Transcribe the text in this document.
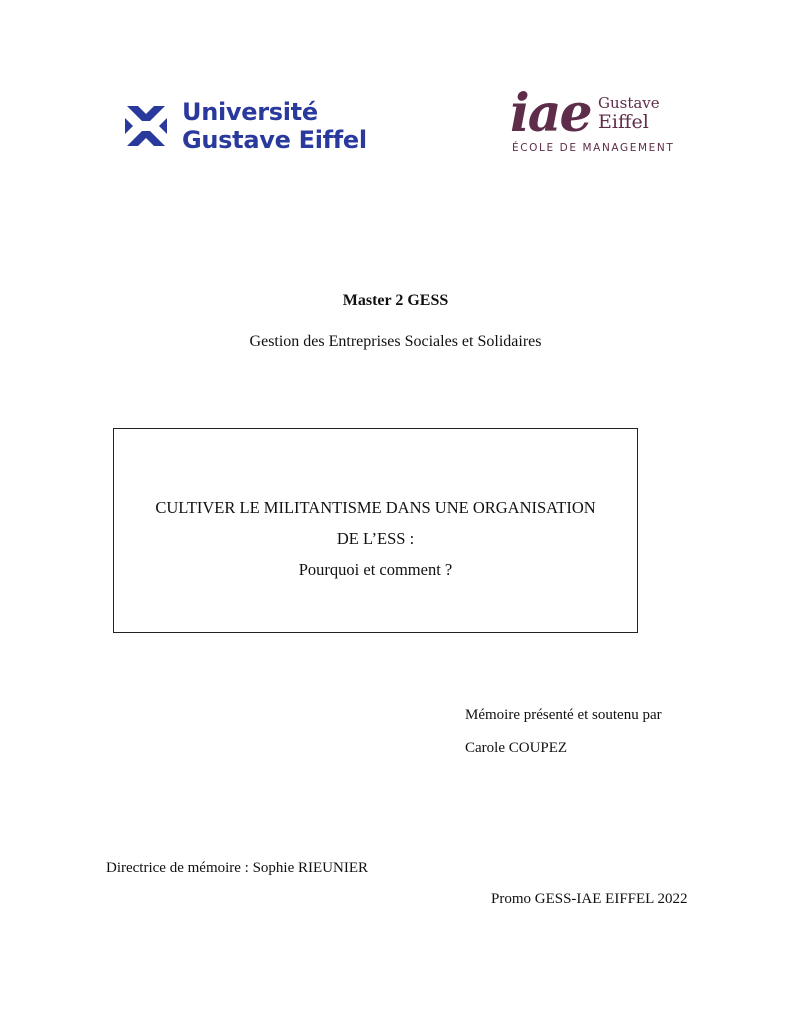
Université
Gustave Eiffel	iae Gustave
Eiffel
ÉCOLE DE MANAGEMENT
Master 2 GESS
Gestion des Entreprises Sociales et Solidaires
CULTIVER LE MILITANTISME DANS UNE ORGANISATION
DE L’ESS :
Pourquoi et comment ?
Mémoire présenté et soutenu par
Carole COUPEZ
Directrice de mémoire : Sophie RIEUNIER
Promo GESS-IAE EIFFEL 2022
